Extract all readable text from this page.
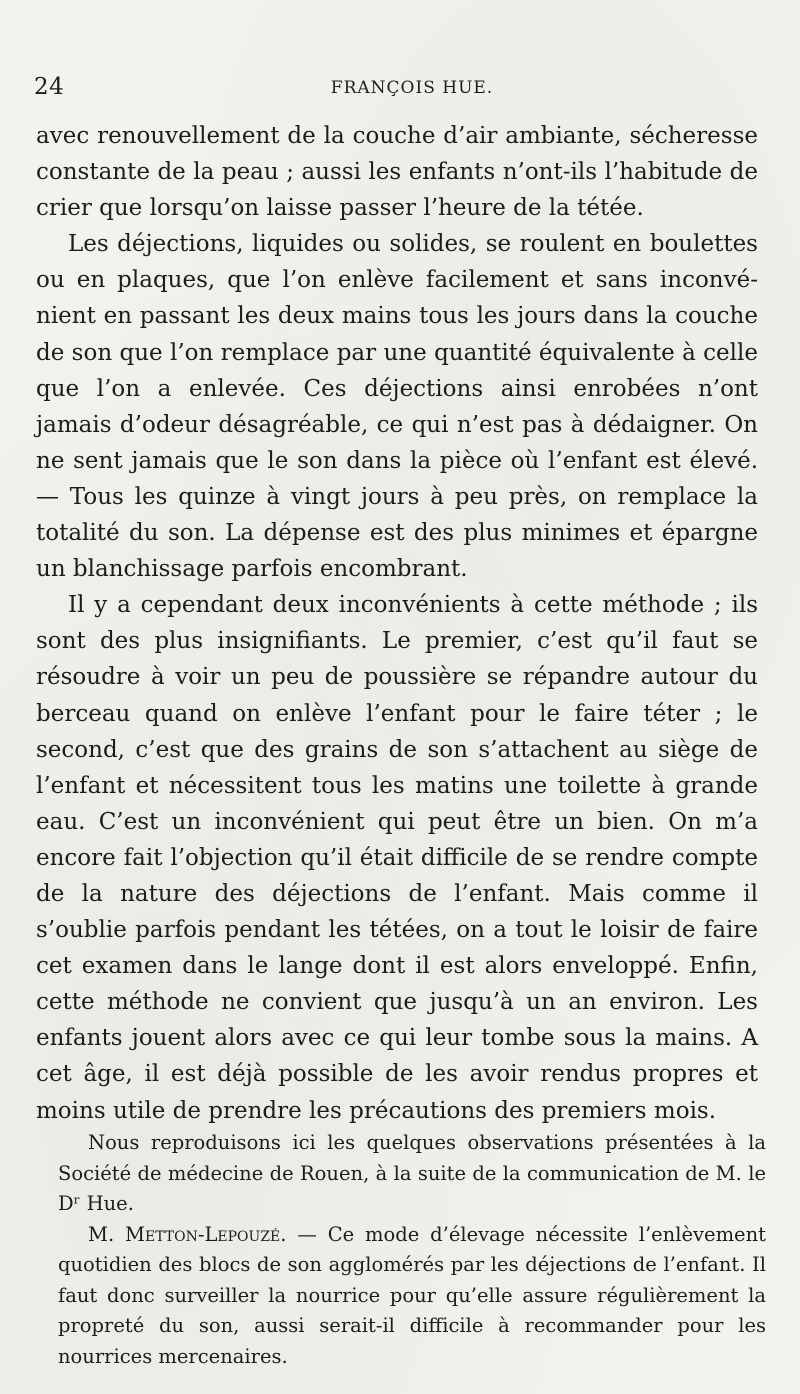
24	FRANÇOIS HUE.

avec renouvellement de la couche d’air ambiante, sécheresse constante de la peau ; aussi les enfants n’ont-ils l’habitude de crier que lorsqu’on laisse passer l’heure de la tétée.

Les déjections, liquides ou solides, se roulent en boulettes ou en plaques, que l’on enlève facilement et sans inconvénient en passant les deux mains tous les jours dans la couche de son que l’on remplace par une quantité équivalente à celle que l’on a enlevée. Ces déjections ainsi enrobées n’ont jamais d’odeur désagréable, ce qui n’est pas à dédaigner. On ne sent jamais que le son dans la pièce où l’enfant est élevé. — Tous les quinze à vingt jours à peu près, on remplace la totalité du son. La dépense est des plus minimes et épargne un blanchissage parfois encombrant.

Il y a cependant deux inconvénients à cette méthode ; ils sont des plus insignifiants. Le premier, c’est qu’il faut se résoudre à voir un peu de poussière se répandre autour du berceau quand on enlève l’enfant pour le faire téter ; le second, c’est que des grains de son s’attachent au siège de l’enfant et nécessitent tous les matins une toilette à grande eau. C’est un inconvénient qui peut être un bien. On m’a encore fait l’objection qu’il était difficile de se rendre compte de la nature des déjections de l’enfant. Mais comme il s’oublie parfois pendant les tétées, on a tout le loisir de faire cet examen dans le lange dont il est alors enveloppé. Enfin, cette méthode ne convient que jusqu’à un an environ. Les enfants jouent alors avec ce qui leur tombe sous la mains. A cet âge, il est déjà possible de les avoir rendus propres et moins utile de prendre les précautions des premiers mois.

Nous reproduisons ici les quelques observations présentées à la Société de médecine de Rouen, à la suite de la communication de M. le Dʳ Hue.

M. Metton-Lepouzé. — Ce mode d’élevage nécessite l’enlèvement quotidien des blocs de son agglomérés par les déjections de l’enfant. Il faut donc surveiller la nourrice pour qu’elle assure régulièrement la propreté du son, aussi serait-il difficile à recommander pour les nourrices mercenaires.
